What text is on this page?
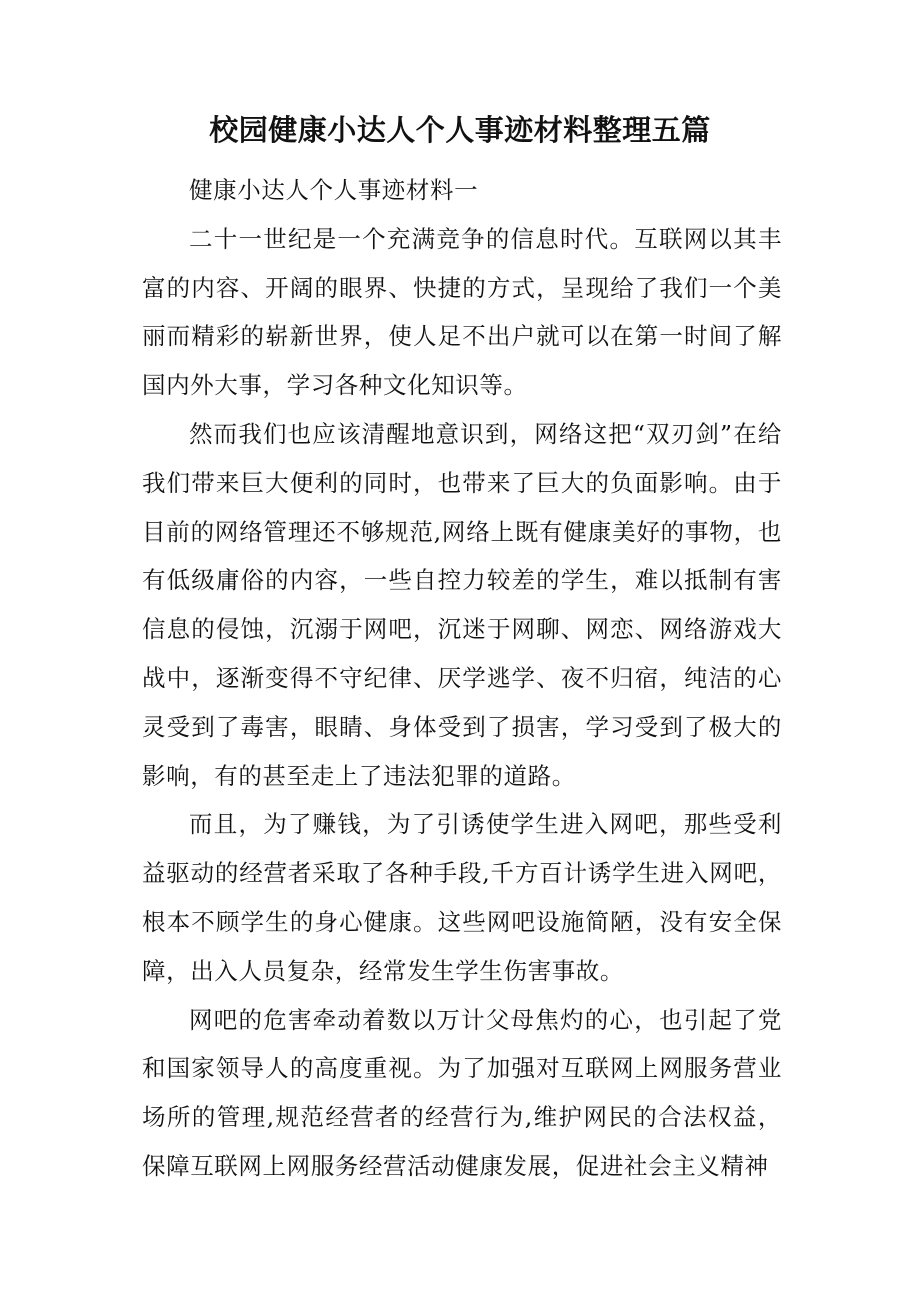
校园健康小达人个人事迹材料整理五篇

健康小达人个人事迹材料一

二十一世纪是一个充满竞争的信息时代。互联网以其丰富的内容、开阔的眼界、快捷的方式，呈现给了我们一个美丽而精彩的崭新世界，使人足不出户就可以在第一时间了解国内外大事，学习各种文化知识等。

然而我们也应该清醒地意识到，网络这把“双刃剑”在给我们带来巨大便利的同时，也带来了巨大的负面影响。由于目前的网络管理还不够规范,网络上既有健康美好的事物，也有低级庸俗的内容，一些自控力较差的学生，难以抵制有害信息的侵蚀，沉溺于网吧，沉迷于网聊、网恋、网络游戏大战中，逐渐变得不守纪律、厌学逃学、夜不归宿，纯洁的心灵受到了毒害，眼睛、身体受到了损害，学习受到了极大的影响，有的甚至走上了违法犯罪的道路。

而且，为了赚钱，为了引诱使学生进入网吧，那些受利益驱动的经营者采取了各种手段,千方百计诱学生进入网吧，根本不顾学生的身心健康。这些网吧设施简陋，没有安全保障，出入人员复杂，经常发生学生伤害事故。

网吧的危害牵动着数以万计父母焦灼的心，也引起了党和国家领导人的高度重视。为了加强对互联网上网服务营业场所的管理,规范经营者的经营行为,维护网民的合法权益，保障互联网上网服务经营活动健康发展，促进社会主义精神
